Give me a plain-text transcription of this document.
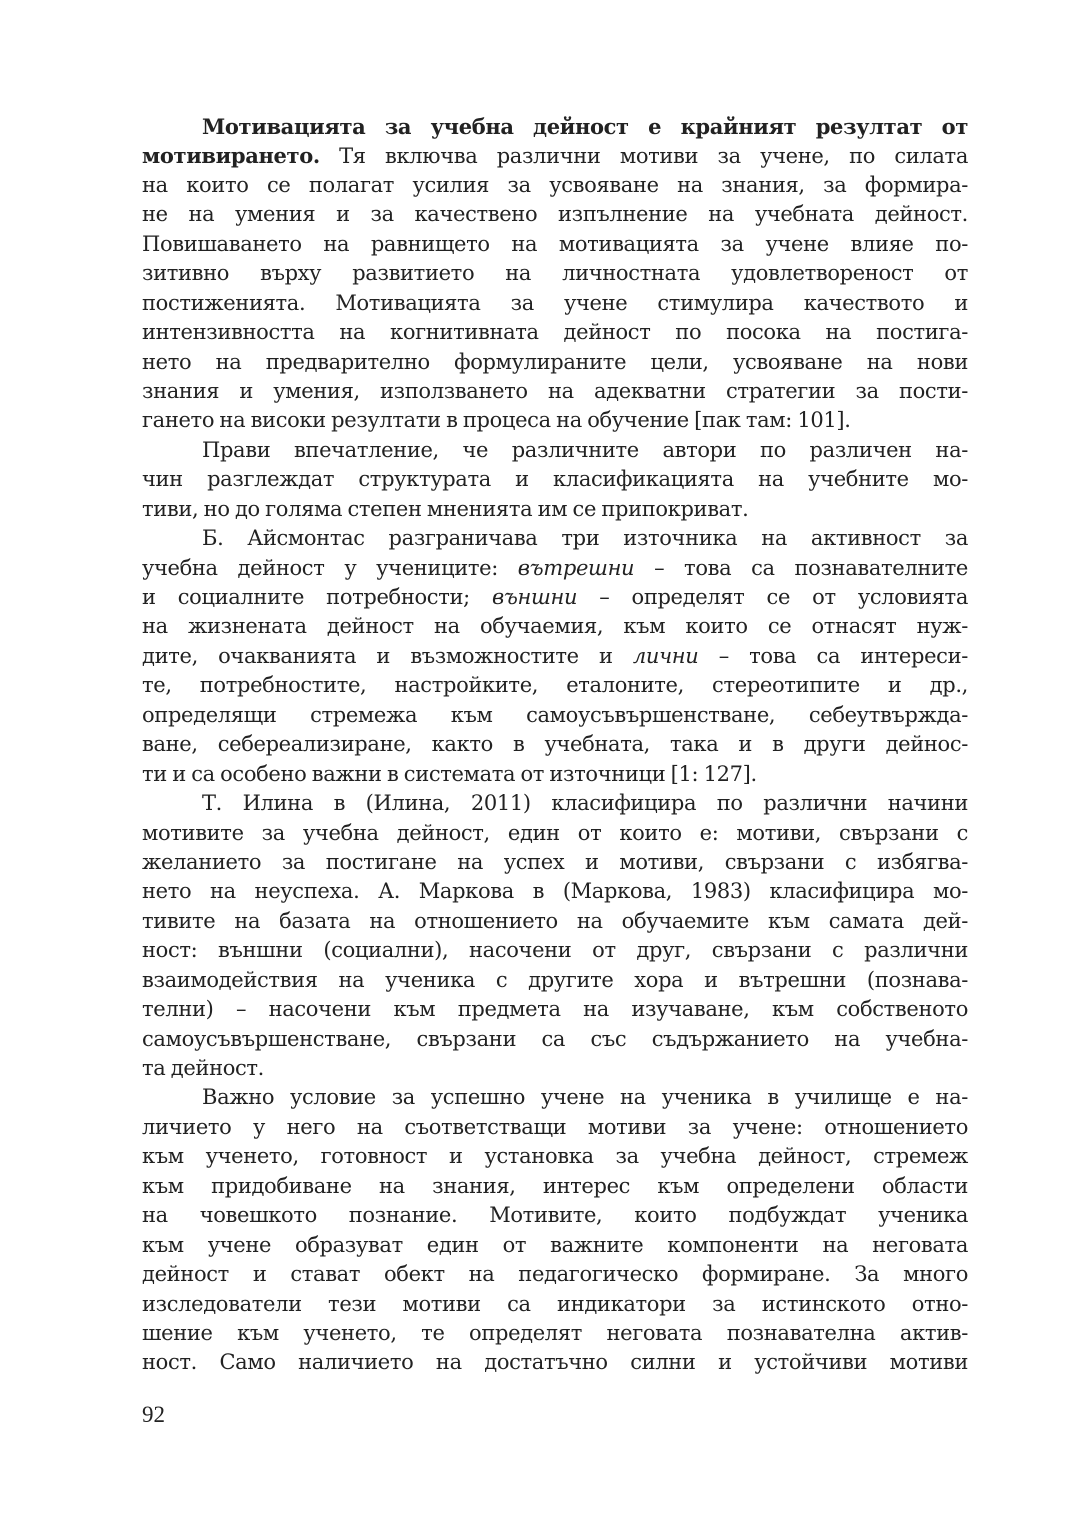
Мотивацията за учебна дейност е крайният резултат от
мотивирането. Тя включва различни мотиви за учене, по силата
на които се полагат усилия за усвояване на знания, за формира-
не на умения и за качествено изпълнение на учебната дейност.
Повишаването на равнището на мотивацията за учене влияе по-
зитивно върху развитието на личностната удовлетвореност от
постиженията. Мотивацията за учене стимулира качеството и
интензивността на когнитивната дейност по посока на постига-
нето на предварително формулираните цели, усвояване на нови
знания и умения, използването на адекватни стратегии за пости-
гането на високи резултати в процеса на обучение [пак там: 101].
Прави впечатление, че различните автори по различен на-
чин разглеждат структурата и класификацията на учебните мо-
тиви, но до голяма степен мненията им се припокриват.
Б. Айсмонтас разграничава три източника на активност за
учебна дейност у учениците: вътрешни – това са познавателните
и социалните потребности; външни – определят се от условията
на жизнената дейност на обучаемия, към които се отнасят нуж-
дите, очакванията и възможностите и лични – това са интереси-
те, потребностите, настройките, еталоните, стереотипите и др.,
определящи стремежа към самоусъвършенстване, себеутвържда-
ване, себереализиране, както в учебната, така и в други дейнос-
ти и са особено важни в системата от източници [1: 127].
Т. Илина в (Илина, 2011) класифицира по различни начини
мотивите за учебна дейност, един от които е: мотиви, свързани с
желанието за постигане на успех и мотиви, свързани с избягва-
нето на неуспеха. А. Маркова в (Маркова, 1983) класифицира мо-
тивите на базата на отношението на обучаемите към самата дей-
ност: външни (социални), насочени от друг, свързани с различни
взаимодействия на ученика с другите хора и вътрешни (познава-
телни) – насочени към предмета на изучаване, към собственото
самоусъвършенстване, свързани са със съдържанието на учебна-
та дейност.
Важно условие за успешно учене на ученика в училище е на-
личието у него на съответстващи мотиви за учене: отношението
към ученето, готовност и установка за учебна дейност, стремеж
към придобиване на знания, интерес към определени области
на човешкото познание. Мотивите, които подбуждат ученика
към учене образуват един от важните компоненти на неговата
дейност и стават обект на педагогическо формиране. За много
изследователи тези мотиви са индикатори за истинското отно-
шение към ученето, те определят неговата познавателна актив-
ност. Само наличието на достатъчно силни и устойчиви мотиви
92
